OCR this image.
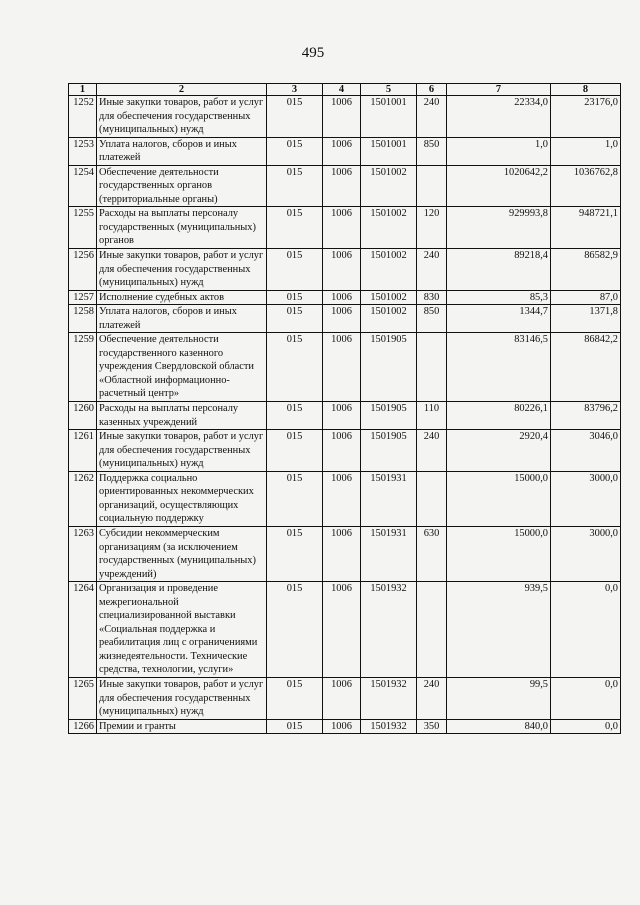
495
1	2	3	4	5	6	7	8
1252	Иные закупки товаров, работ и услуг для обеспечения государственных (муниципальных) нужд	015	1006	1501001	240	22334,0	23176,0
1253	Уплата налогов, сборов и иных платежей	015	1006	1501001	850	1,0	1,0
1254	Обеспечение деятельности государственных органов (территориальные органы)	015	1006	1501002		1020642,2	1036762,8
1255	Расходы на выплаты персоналу государственных (муниципальных) органов	015	1006	1501002	120	929993,8	948721,1
1256	Иные закупки товаров, работ и услуг для обеспечения государственных (муниципальных) нужд	015	1006	1501002	240	89218,4	86582,9
1257	Исполнение судебных актов	015	1006	1501002	830	85,3	87,0
1258	Уплата налогов, сборов и иных платежей	015	1006	1501002	850	1344,7	1371,8
1259	Обеспечение деятельности государственного казенного учреждения Свердловской области «Областной информационно-расчетный центр»	015	1006	1501905		83146,5	86842,2
1260	Расходы на выплаты персоналу казенных учреждений	015	1006	1501905	110	80226,1	83796,2
1261	Иные закупки товаров, работ и услуг для обеспечения государственных (муниципальных) нужд	015	1006	1501905	240	2920,4	3046,0
1262	Поддержка социально ориентированных некоммерческих организаций, осуществляющих социальную поддержку	015	1006	1501931		15000,0	3000,0
1263	Субсидии некоммерческим организациям (за исключением государственных (муниципальных) учреждений)	015	1006	1501931	630	15000,0	3000,0
1264	Организация и проведение межрегиональной специализированной выставки «Социальная поддержка и реабилитация лиц с ограничениями жизнедеятельности. Технические средства, технологии, услуги»	015	1006	1501932		939,5	0,0
1265	Иные закупки товаров, работ и услуг для обеспечения государственных (муниципальных) нужд	015	1006	1501932	240	99,5	0,0
1266	Премии и гранты	015	1006	1501932	350	840,0	0,0
